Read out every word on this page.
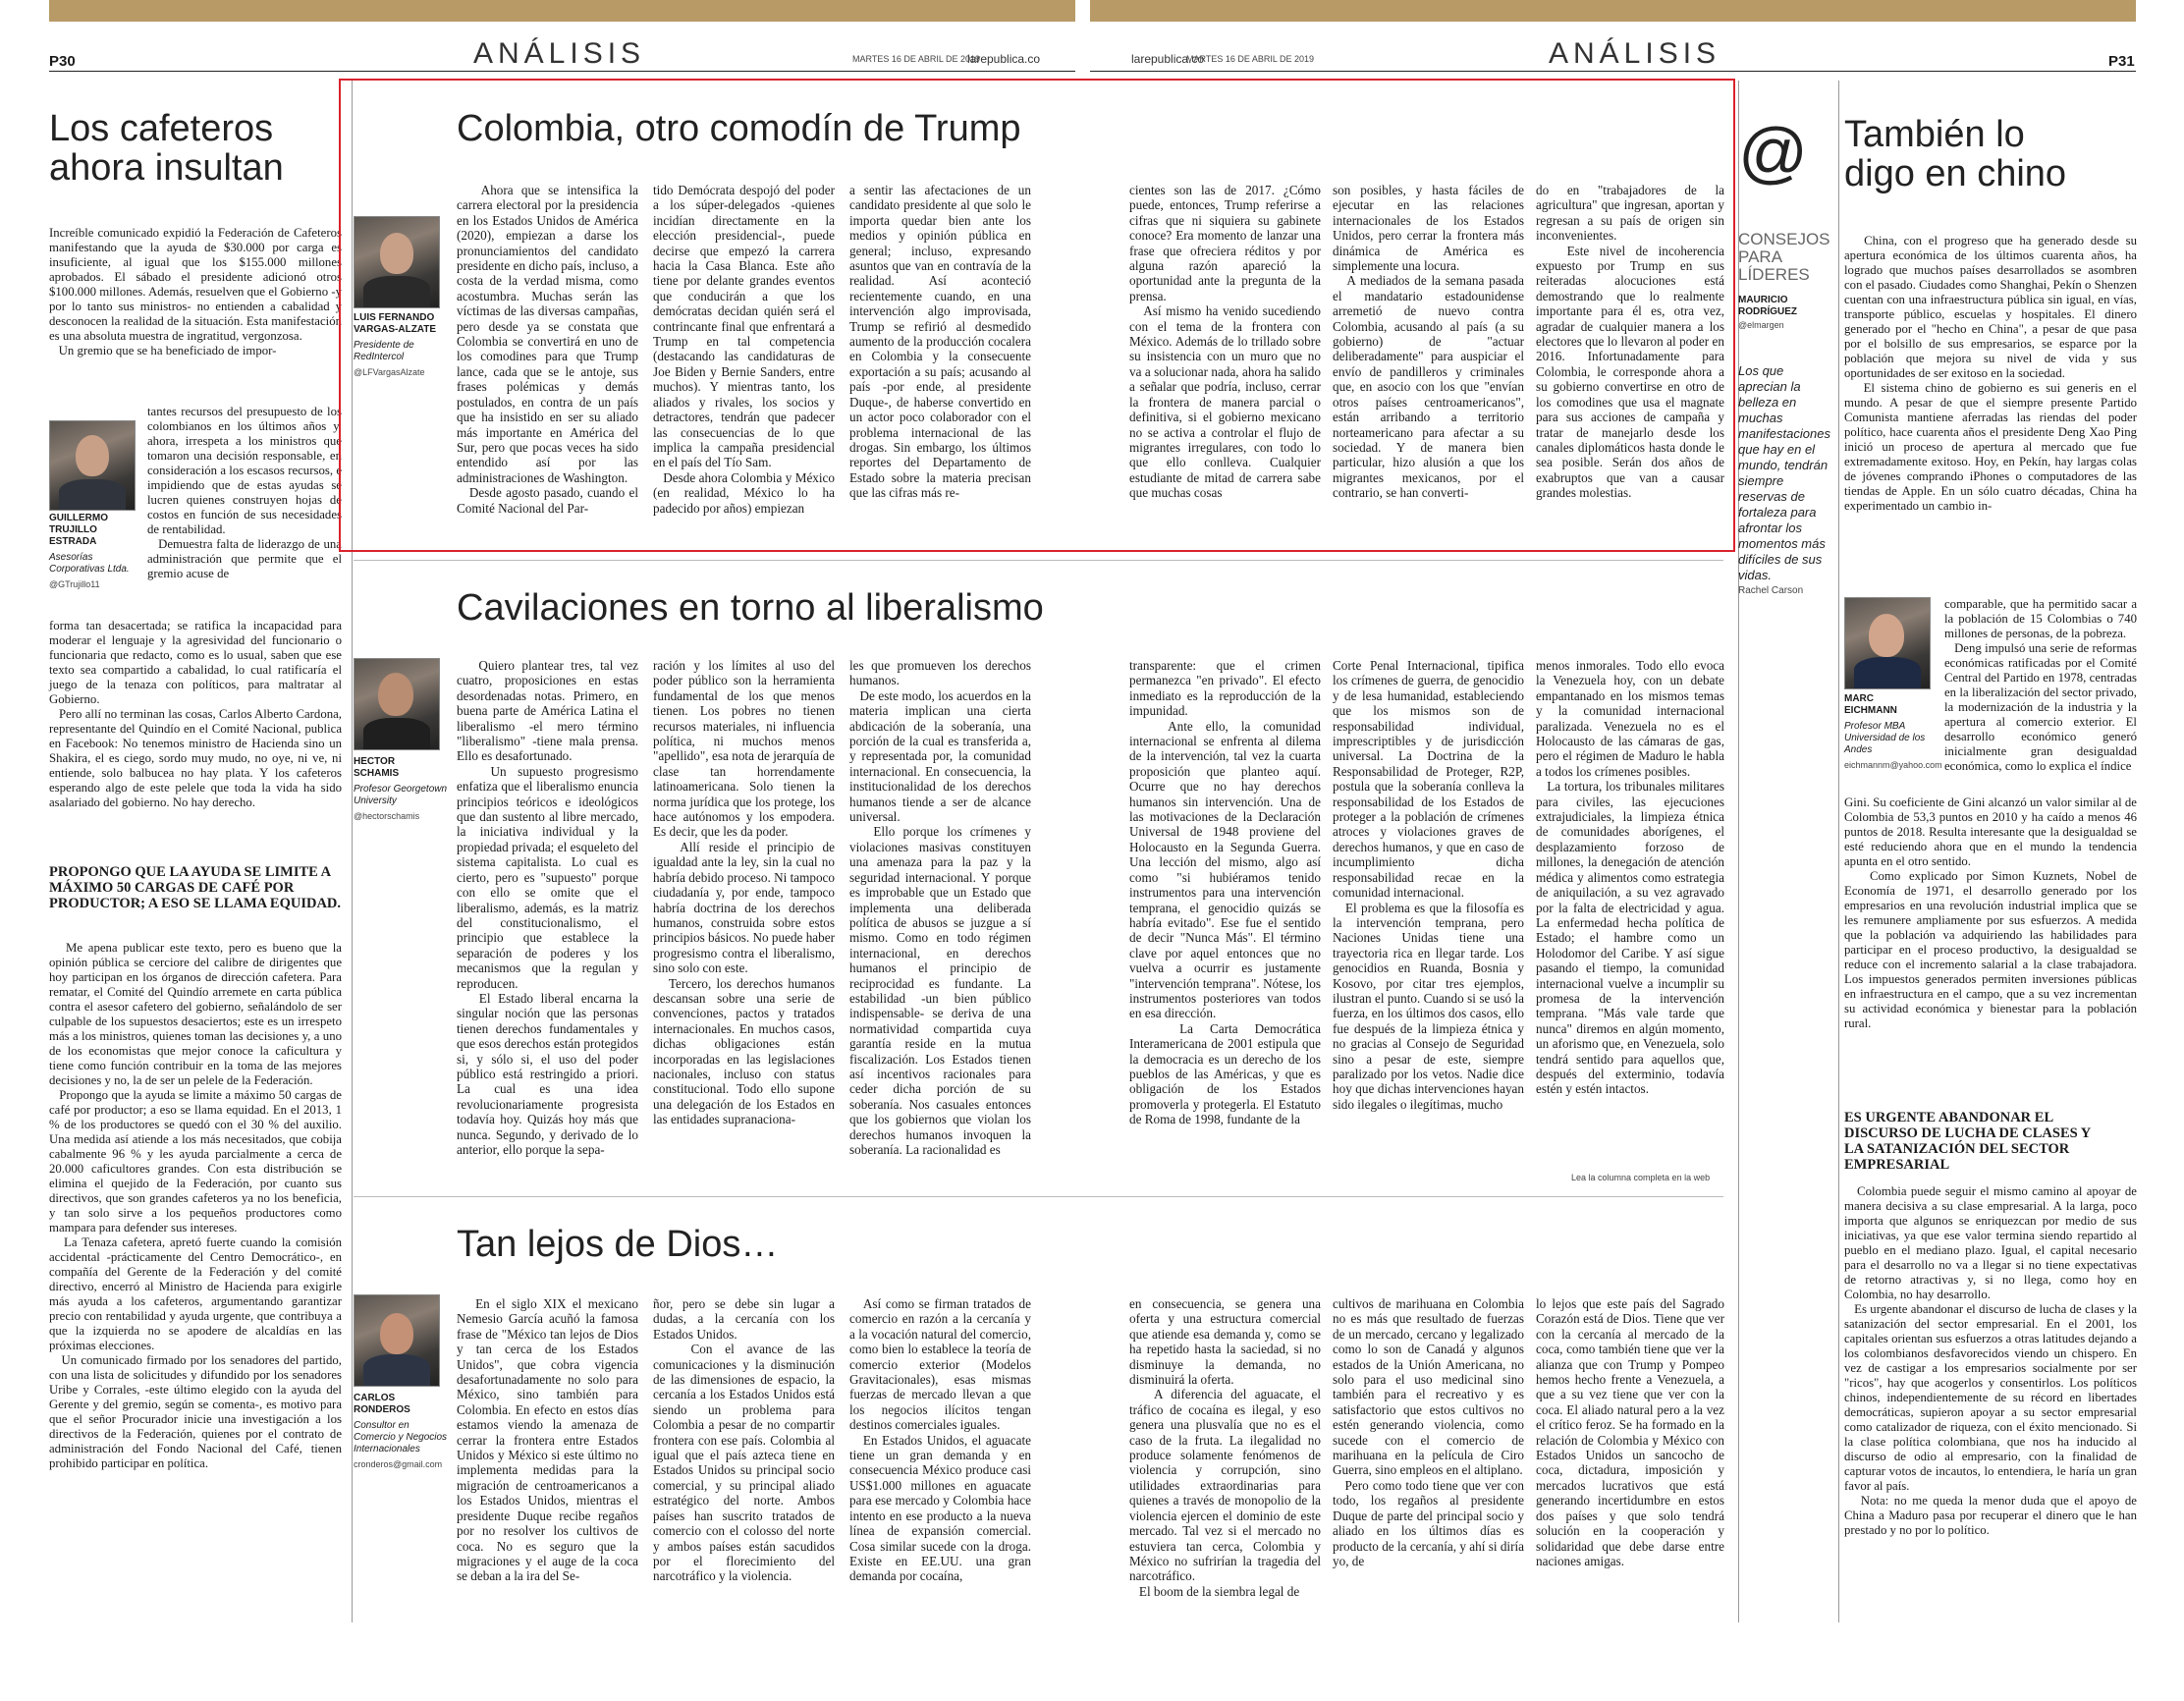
P30	ANÁLISIS	MARTES 16 DE ABRIL DE 2019
larepublica.co	larepublica.co
MARTES 16 DE ABRIL DE 2019	ANÁLISIS	P31
Los cafeteros
ahora insultan
Increíble comunicado expidió la Federación de Cafeteros manifestando que la ayuda de $30.000 por carga es insuficiente, al igual que los $155.000 millones aprobados. El sábado el presidente adicionó otros $100.000 millones. Además, resuelven que el Gobierno -y por lo tanto sus ministros- no entienden a cabalidad y desconocen la realidad de la situación. Esta manifestación es una absoluta muestra de ingratitud, vergonzosa.
Un gremio que se ha beneficiado de impor-
GUILLERMO
TRUJILLO
ESTRADA
Asesorías Corporativas Ltda.
@GTrujillo11
tantes recursos del presupuesto de los colombianos en los últimos años y, ahora, irrespeta a los ministros que tomaron una decisión responsable, en consideración a los escasos recursos, e impidiendo que de estas ayudas se lucren quienes construyen hojas de costos en función de sus necesidades de rentabilidad.
Demuestra falta de liderazgo de una administración que permite que el gremio acuse de
forma tan desacertada; se ratifica la incapacidad para moderar el lenguaje y la agresividad del funcionario o funcionaria que redacto, como es lo usual, saben que ese texto sea compartido a cabalidad, lo cual ratificaría el juego de la tenaza con políticos, para maltratar al Gobierno.
Pero allí no terminan las cosas, Carlos Alberto Cardona, representante del Quindío en el Comité Nacional, publica en Facebook: No tenemos ministro de Hacienda sino un Shakira, el es ciego, sordo muy mudo, no oye, ni ve, ni entiende, solo balbucea no hay plata. Y los cafeteros esperando algo de este pelele que toda la vida ha sido asalariado del gobierno. No hay derecho.
PROPONGO QUE LA AYUDA SE LIMITE A MÁXIMO 50 CARGAS DE CAFÉ POR PRODUCTOR; A ESO SE LLAMA EQUIDAD.
Me apena publicar este texto, pero es bueno que la opinión pública se cerciore del calibre de dirigentes que hoy participan en los órganos de dirección cafetera. Para rematar, el Comité del Quindío arremete en carta pública contra el asesor cafetero del gobierno, señalándolo de ser culpable de los supuestos desaciertos; este es un irrespeto más a los ministros, quienes toman las decisiones y, a uno de los economistas que mejor conoce la caficultura y tiene como función contribuir en la toma de las mejores decisiones y no, la de ser un pelele de la Federación.
Propongo que la ayuda se limite a máximo 50 cargas de café por productor; a eso se llama equidad. En el 2013, 1 % de los productores se quedó con el 30 % del auxilio. Una medida así atiende a los más necesitados, que cobija cabalmente 96 % y les ayuda parcialmente a cerca de 20.000 caficultores grandes. Con esta distribución se elimina el quejido de la Federación, por cuanto sus directivos, que son grandes cafeteros ya no los beneficia, y tan solo sirve a los pequeños productores como mampara para defender sus intereses.
La Tenaza cafetera, apretó fuerte cuando la comisión accidental -prácticamente del Centro Democrático-, en compañía del Gerente de la Federación y del comité directivo, encerró al Ministro de Hacienda para exigirle más ayuda a los cafeteros, argumentando garantizar precio con rentabilidad y ayuda urgente, que contribuya a que la izquierda no se apodere de alcaldías en las próximas elecciones.
Un comunicado firmado por los senadores del partido, con una lista de solicitudes y difundido por los senadores Uribe y Corrales, -este último elegido con la ayuda del Gerente y del gremio, según se comenta-, es motivo para que el señor Procurador inicie una investigación a los directivos de la Federación, quienes por el contrato de administración del Fondo Nacional del Café, tienen prohibido participar en política.
Colombia, otro comodín de Trump
LUIS FERNANDO
VARGAS-ALZATE
Presidente de RedIntercol
@LFVargasAlzate
Ahora que se intensifica la carrera electoral por la presidencia en los Estados Unidos de América (2020), empiezan a darse los pronunciamientos del candidato presidente en dicho país, incluso, a costa de la verdad misma, como acostumbra. Muchas serán las víctimas de las diversas campañas, pero desde ya se constata que Colombia se convertirá en uno de los comodines para que Trump lance, cada que se le antoje, sus frases polémicas y demás postulados, en contra de un país que ha insistido en ser su aliado más importante en América del Sur, pero que pocas veces ha sido entendido así por las administraciones de Washington.
Desde agosto pasado, cuando el Comité Nacional del Par-
tido Demócrata despojó del poder a los súper-delegados -quienes incidían directamente en la elección presidencial-, puede decirse que empezó la carrera hacia la Casa Blanca. Este año tiene por delante grandes eventos que conducirán a que los demócratas decidan quién será el contrincante final que enfrentará a Trump en tal competencia (destacando las candidaturas de Joe Biden y Bernie Sanders, entre muchos). Y mientras tanto, los aliados y rivales, los socios y detractores, tendrán que padecer las consecuencias de lo que implica la campaña presidencial en el país del Tío Sam.
Desde ahora Colombia y México (en realidad, México lo ha padecido por años) empiezan
a sentir las afectaciones de un candidato presidente al que solo le importa quedar bien ante los medios y opinión pública en general; incluso, expresando asuntos que van en contravía de la realidad. Así aconteció recientemente cuando, en una intervención algo improvisada, Trump se refirió al desmedido aumento de la producción cocalera en Colombia y la consecuente exportación a su país; acusando al país -por ende, al presidente Duque-, de haberse convertido en un actor poco colaborador con el problema internacional de las drogas. Sin embargo, los últimos reportes del Departamento de Estado sobre la materia precisan que las cifras más re-
cientes son las de 2017. ¿Cómo puede, entonces, Trump referirse a cifras que ni siquiera su gabinete conoce? Era momento de lanzar una frase que ofreciera réditos y por alguna razón apareció la oportunidad ante la pregunta de la prensa.
Así mismo ha venido sucediendo con el tema de la frontera con México. Además de lo trillado sobre su insistencia con un muro que no va a solucionar nada, ahora ha salido a señalar que podría, incluso, cerrar la frontera de manera parcial o definitiva, si el gobierno mexicano no se activa a controlar el flujo de migrantes irregulares, con todo lo que ello conlleva. Cualquier estudiante de mitad de carrera sabe que muchas cosas
son posibles, y hasta fáciles de ejecutar en las relaciones internacionales de los Estados Unidos, pero cerrar la frontera más dinámica de América es simplemente una locura.
A mediados de la semana pasada el mandatario estadounidense arremetió de nuevo contra Colombia, acusando al país (a su gobierno) de "actuar deliberadamente" para auspiciar el envío de pandilleros y criminales que, en asocio con los que "envían otros países centroamericanos", están arribando a territorio norteamericano para afectar a su sociedad. Y de manera bien particular, hizo alusión a que los migrantes mexicanos, por el contrario, se han converti-
do en "trabajadores de la agricultura" que ingresan, aportan y regresan a su país de origen sin inconvenientes.
Este nivel de incoherencia expuesto por Trump en sus reiteradas alocuciones está demostrando que lo realmente importante para él es, otra vez, agradar de cualquier manera a los electores que lo llevaron al poder en 2016. Infortunadamente para Colombia, le corresponde ahora a su gobierno convertirse en otro de los comodines que usa el magnate para sus acciones de campaña y tratar de manejarlo desde los canales diplomáticos hasta donde le sea posible. Serán dos años de exabruptos que van a causar grandes molestias.
Cavilaciones en torno al liberalismo
HECTOR
SCHAMIS
Profesor Georgetown University
@hectorschamis
Quiero plantear tres, tal vez cuatro, proposiciones en estas desordenadas notas. Primero, en buena parte de América Latina el liberalismo -el mero término "liberalismo" -tiene mala prensa. Ello es desafortunado.
Un supuesto progresismo enfatiza que el liberalismo enuncia principios teóricos e ideológicos que dan sustento al libre mercado, la iniciativa individual y la propiedad privada; el esqueleto del sistema capitalista. Lo cual es cierto, pero es "supuesto" porque con ello se omite que el liberalismo, además, es la matriz del constitucionalismo, el principio que establece la separación de poderes y los mecanismos que la regulan y reproducen.
El Estado liberal encarna la singular noción que las personas tienen derechos fundamentales y que esos derechos están protegidos si, y sólo si, el uso del poder público está restringido a priori. La cual es una idea revolucionariamente progresista todavía hoy. Quizás hoy más que nunca. Segundo, y derivado de lo anterior, ello porque la sepa-
ración y los límites al uso del poder público son la herramienta fundamental de los que menos tienen. Los pobres no tienen recursos materiales, ni influencia política, ni muchos menos "apellido", esa nota de jerarquía de clase tan horrendamente latinoamericana. Solo tienen la norma jurídica que los protege, los hace autónomos y los empodera. Es decir, que les da poder.
Allí reside el principio de igualdad ante la ley, sin la cual no habría debido proceso. Ni tampoco ciudadanía y, por ende, tampoco habría doctrina de los derechos humanos, construida sobre estos principios básicos. No puede haber progresismo contra el liberalismo, sino solo con este.
Tercero, los derechos humanos descansan sobre una serie de convenciones, pactos y tratados internacionales. En muchos casos, dichas obligaciones están incorporadas en las legislaciones nacionales, incluso con status constitucional. Todo ello supone una delegación de los Estados en las entidades supranaciona-
les que promueven los derechos humanos.
De este modo, los acuerdos en la materia implican una cierta abdicación de la soberanía, una porción de la cual es transferida a, y representada por, la comunidad internacional. En consecuencia, la institucionalidad de los derechos humanos tiende a ser de alcance universal.
Ello porque los crímenes y violaciones masivas constituyen una amenaza para la paz y la seguridad internacional. Y porque es improbable que un Estado que implementa una deliberada política de abusos se juzgue a sí mismo. Como en todo régimen internacional, en derechos humanos el principio de reciprocidad es fundante. La estabilidad -un bien público indispensable- se deriva de una normatividad compartida cuya garantía reside en la mutua fiscalización. Los Estados tienen así incentivos racionales para ceder dicha porción de su soberanía. Nos casuales entonces que los gobiernos que violan los derechos humanos invoquen la soberanía. La racionalidad es
transparente: que el crimen permanezca "en privado". El efecto inmediato es la reproducción de la impunidad.
Ante ello, la comunidad internacional se enfrenta al dilema de la intervención, tal vez la cuarta proposición que planteo aquí. Ocurre que no hay derechos humanos sin intervención. Una de las motivaciones de la Declaración Universal de 1948 proviene del Holocausto en la Segunda Guerra. Una lección del mismo, algo así como "si hubiéramos tenido instrumentos para una intervención temprana, el genocidio quizás se habría evitado". Ese fue el sentido de decir "Nunca Más". El término clave por aquel entonces que no vuelva a ocurrir es justamente "intervención temprana". Nótese, los instrumentos posteriores van todos en esa dirección.
La Carta Democrática Interamericana de 2001 estipula que la democracia es un derecho de los pueblos de las Américas, y que es obligación de los Estados promoverla y protegerla. El Estatuto de Roma de 1998, fundante de la
Corte Penal Internacional, tipifica los crímenes de guerra, de genocidio y de lesa humanidad, estableciendo que los mismos son de responsabilidad individual, imprescriptibles y de jurisdicción universal. La Doctrina de la Responsabilidad de Proteger, R2P, postula que la soberanía conlleva la responsabilidad de los Estados de proteger a la población de crímenes atroces y violaciones graves de derechos humanos, y que en caso de incumplimiento dicha responsabilidad recae en la comunidad internacional.
El problema es que la filosofía es la intervención temprana, pero Naciones Unidas tiene una trayectoria rica en llegar tarde. Los genocidios en Ruanda, Bosnia y Kosovo, por citar tres ejemplos, ilustran el punto. Cuando si se usó la fuerza, en los últimos dos casos, ello fue después de la limpieza étnica y no gracias al Consejo de Seguridad sino a pesar de este, siempre paralizado por los vetos. Nadie dice hoy que dichas intervenciones hayan sido ilegales o ilegítimas, mucho
menos inmorales. Todo ello evoca la Venezuela hoy, con un debate empantanado en los mismos temas y la comunidad internacional paralizada. Venezuela no es el Holocausto de las cámaras de gas, pero el régimen de Maduro le habla a todos los crímenes posibles.
La tortura, los tribunales militares para civiles, las ejecuciones extrajudiciales, la limpieza étnica de comunidades aborígenes, el desplazamiento forzoso de millones, la denegación de atención médica y alimentos como estrategia de aniquilación, a su vez agravado por la falta de electricidad y agua. La enfermedad hecha política de Estado; el hambre como un Holodomor del Caribe. Y así sigue pasando el tiempo, la comunidad internacional vuelve a incumplir su promesa de la intervención temprana. "Más vale tarde que nunca" diremos en algún momento, un aforismo que, en Venezuela, solo tendrá sentido para aquellos que, después del exterminio, todavía estén y estén intactos.
Lea la columna completa en la web
Tan lejos de Dios…
CARLOS
RONDEROS
Consultor en Comercio y Negocios Internacionales
cronderos@gmail.com
En el siglo XIX el mexicano Nemesio García acuñó la famosa frase de "México tan lejos de Dios y tan cerca de los Estados Unidos", que cobra vigencia desafortunadamente no solo para México, sino también para Colombia. En efecto en estos días estamos viendo la amenaza de cerrar la frontera entre Estados Unidos y México si este último no implementa medidas para la migración de centroamericanos a los Estados Unidos, mientras el presidente Duque recibe regaños por no resolver los cultivos de coca. No es seguro que la migraciones y el auge de la coca se deban a la ira del Se-
ñor, pero se debe sin lugar a dudas, a la cercanía con los Estados Unidos.
Con el avance de las comunicaciones y la disminución de las dimensiones de espacio, la cercanía a los Estados Unidos está siendo un problema para Colombia a pesar de no compartir frontera con ese país. Colombia al igual que el país azteca tiene en Estados Unidos su principal socio comercial, y su principal aliado estratégico del norte. Ambos países han suscrito tratados de comercio con el colosso del norte y ambos países están sacudidos por el florecimiento del narcotráfico y la violencia.
Así como se firman tratados de comercio en razón a la cercanía y a la vocación natural del comercio, como bien lo establece la teoría de comercio exterior (Modelos Gravitacionales), esas mismas fuerzas de mercado llevan a que los negocios ilícitos tengan destinos comerciales iguales.
En Estados Unidos, el aguacate tiene un gran demanda y en consecuencia México produce casi US$1.000 millones en aguacate para ese mercado y Colombia hace intento en ese producto a la nueva línea de expansión comercial. Cosa similar sucede con la droga. Existe en EE.UU. una gran demanda por cocaína,
en consecuencia, se genera una oferta y una estructura comercial que atiende esa demanda y, como se ha repetido hasta la saciedad, si no disminuye la demanda, no disminuirá la oferta.
A diferencia del aguacate, el tráfico de cocaína es ilegal, y eso genera una plusvalía que no es el caso de la fruta. La ilegalidad no produce solamente fenómenos de violencia y corrupción, sino utilidades extraordinarias para quienes a través de monopolio de la violencia ejercen el dominio de este mercado. Tal vez si el mercado no estuviera tan cerca, Colombia y México no sufrirían la tragedia del narcotráfico.
El boom de la siembra legal de
cultivos de marihuana en Colombia no es más que resultado de fuerzas de un mercado, cercano y legalizado como lo son de Canadá y algunos estados de la Unión Americana, no solo para el uso medicinal sino también para el recreativo y es satisfactorio que estos cultivos no estén generando violencia, como sucede con el comercio de marihuana en la película de Ciro Guerra, sino empleos en el altiplano.
Pero como todo tiene que ver con todo, los regaños al presidente Duque de parte del principal socio y aliado en los últimos días es producto de la cercanía, y ahí si diría yo, de
lo lejos que este país del Sagrado Corazón está de Dios. Tiene que ver con la cercanía al mercado de la coca, como también tiene que ver la alianza que con Trump y Pompeo hemos hecho frente a Venezuela, a que a su vez tiene que ver con la coca. El aliado natural pero a la vez el crítico feroz. Se ha formado en la relación de Colombia y México con Estados Unidos un sancocho de coca, dictadura, imposición y mercados lucrativos que está generando incertidumbre en estos dos países y que solo tendrá solución en la cooperación y solidaridad que debe darse entre naciones amigas.
@
CONSEJOS
PARA
LÍDERES
MAURICIO
RODRÍGUEZ
@elmargen
Los que aprecian la belleza en muchas manifestaciones que hay en el mundo, tendrán siempre reservas de fortaleza para afrontar los momentos más difíciles de sus vidas.
Rachel Carson
También lo
digo en chino
China, con el progreso que ha generado desde su apertura económica de los últimos cuarenta años, ha logrado que muchos países desarrollados se asombren con el pasado. Ciudades como Shanghai, Pekín o Shenzen cuentan con una infraestructura pública sin igual, en vías, transporte público, escuelas y hospitales. El dinero generado por el "hecho en China", a pesar de que pasa por el bolsillo de sus empresarios, se esparce por la población que mejora su nivel de vida y sus oportunidades de ser exitoso en la sociedad.
El sistema chino de gobierno es sui generis en el mundo. A pesar de que el siempre presente Partido Comunista mantiene aferradas las riendas del poder político, hace cuarenta años el presidente Deng Xao Ping inició un proceso de apertura al mercado que fue extremadamente exitoso. Hoy, en Pekín, hay largas colas de jóvenes comprando iPhones o computadores de las tiendas de Apple. En un sólo cuatro décadas, China ha experimentado un cambio in-
MARC
EICHMANN
Profesor MBA Universidad de los Andes
eichmannm@yahoo.com
comparable, que ha permitido sacar a la población de 15 Colombias o 740 millones de personas, de la pobreza.
Deng impulsó una serie de reformas económicas ratificadas por el Comité Central del Partido en 1978, centradas en la liberalización del sector privado, la modernización de la industria y la apertura al comercio exterior. El desarrollo económico generó inicialmente gran desigualdad económica, como lo explica el índice
Gini. Su coeficiente de Gini alcanzó un valor similar al de Colombia de 53,3 puntos en 2010 y ha caído a menos 46 puntos de 2018. Resulta interesante que la desigualdad se esté reduciendo ahora que en el mundo la tendencia apunta en el otro sentido.
Como explicado por Simon Kuznets, Nobel de Economía de 1971, el desarrollo generado por los empresarios en una revolución industrial implica que se les remunere ampliamente por sus esfuerzos. A medida que la población va adquiriendo las habilidades para participar en el proceso productivo, la desigualdad se reduce con el incremento salarial a la clase trabajadora. Los impuestos generados permiten inversiones públicas en infraestructura en el campo, que a su vez incrementan su actividad económica y bienestar para la población rural.
ES URGENTE ABANDONAR EL DISCURSO DE LUCHA DE CLASES Y LA SATANIZACIÓN DEL SECTOR EMPRESARIAL
Colombia puede seguir el mismo camino al apoyar de manera decisiva a su clase empresarial. A la larga, poco importa que algunos se enriquezcan por medio de sus iniciativas, ya que ese valor termina siendo repartido al pueblo en el mediano plazo. Igual, el capital necesario para el desarrollo no va a llegar si no tiene expectativas de retorno atractivas y, si no llega, como hoy en Colombia, no hay desarrollo.
Es urgente abandonar el discurso de lucha de clases y la satanización del sector empresarial. En el 2001, los capitales orientan sus esfuerzos a otras latitudes dejando a los colombianos desfavorecidos viendo un chispero. En vez de castigar a los empresarios socialmente por ser "ricos", hay que acogerlos y consentirlos. Los políticos chinos, independientemente de su récord en libertades democráticas, supieron apoyar a su sector empresarial como catalizador de riqueza, con el éxito mencionado. Si la clase política colombiana, que nos ha inducido al discurso de odio al empresario, con la finalidad de capturar votos de incautos, lo entendiera, le haría un gran favor al país.
Nota: no me queda la menor duda que el apoyo de China a Maduro pasa por recuperar el dinero que le han prestado y no por lo político.
